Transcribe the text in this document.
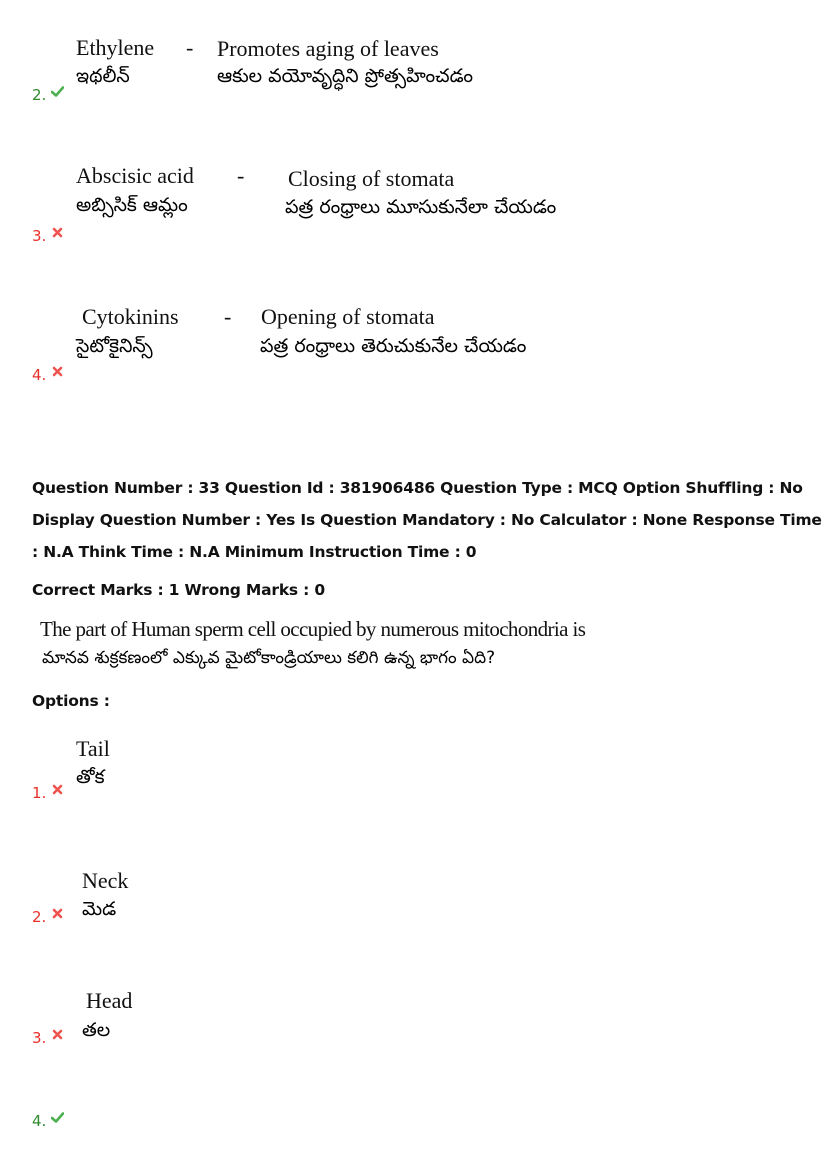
Ethylene - Promotes aging of leaves
ఇథలీన్	ఆకుల వయోవృద్ధిని ప్రోత్సహించడం
2.
Abscisic acid - Closing of stomata
అబ్సిసిక్ ఆమ్లం	పత్ర రంధ్రాలు మూసుకునేలా చేయడం
3.
Cytokinins - Opening of stomata
సైటోకైనిన్స్	పత్ర రంధ్రాలు తెరుచుకునేల చేయడం
4.
Question Number : 33 Question Id : 381906486 Question Type : MCQ Option Shuffling : No
Display Question Number : Yes Is Question Mandatory : No Calculator : None Response Time
: N.A Think Time : N.A Minimum Instruction Time : 0
Correct Marks : 1 Wrong Marks : 0
The part of Human sperm cell occupied by numerous mitochondria is
మానవ శుక్రకణంలో ఎక్కువ మైటోకాండ్రియాలు కలిగి ఉన్న భాగం ఏది?
Options :
Tail
తోక
1.
Neck
మెడ
2.
Head
తల
3.
4.
